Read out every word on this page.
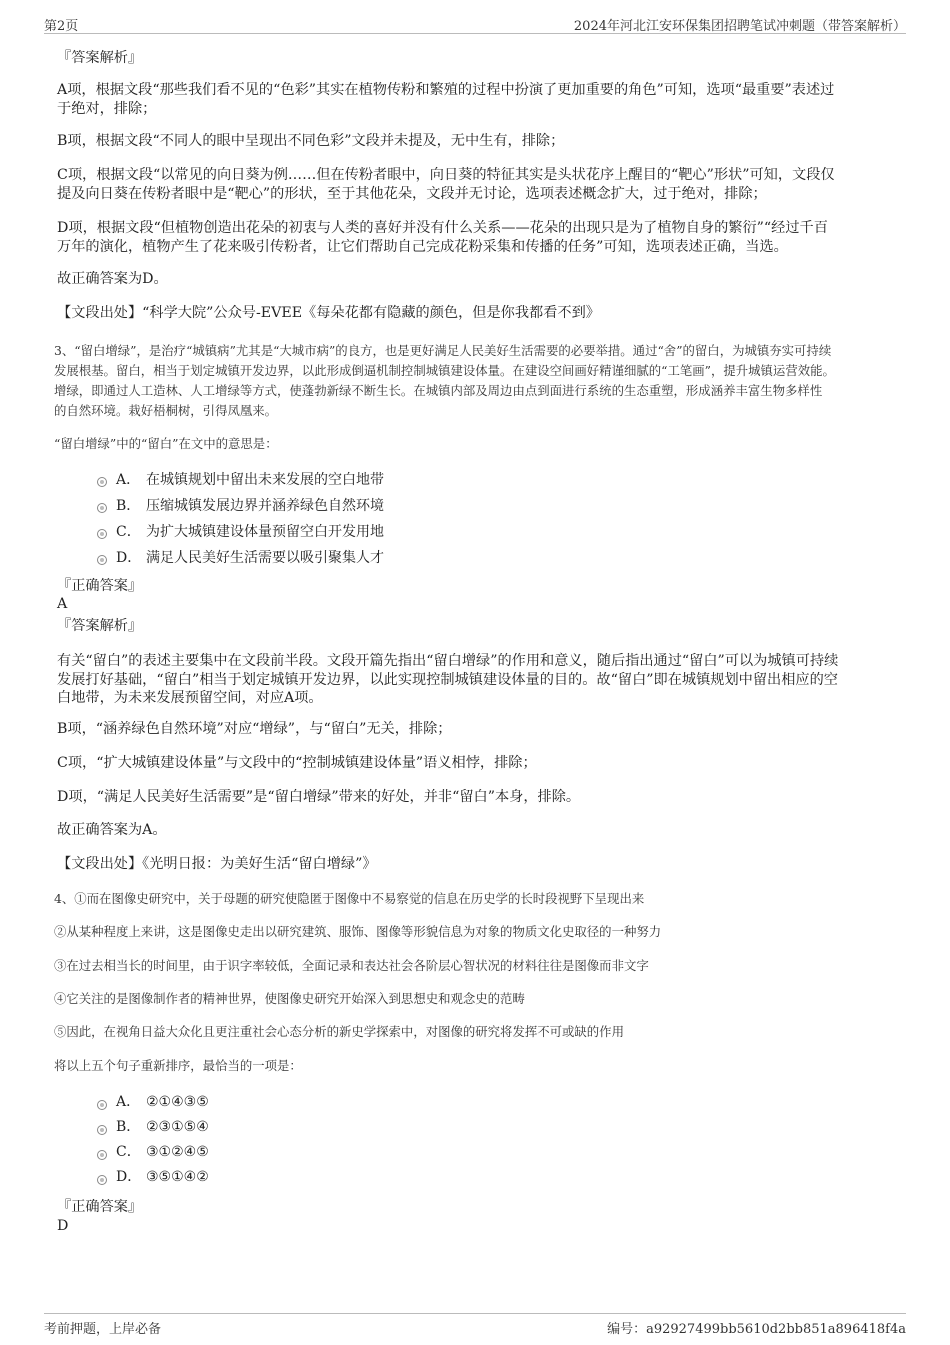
第2页	2024年河北江安环保集团招聘笔试冲刺题（带答案解析）
『答案解析』
A项，根据文段“那些我们看不见的“色彩”其实在植物传粉和繁殖的过程中扮演了更加重要的角色”可知，选项“最重要”表述过
于绝对，排除；
B项，根据文段“不同人的眼中呈现出不同色彩”文段并未提及，无中生有，排除；
C项，根据文段“以常见的向日葵为例……但在传粉者眼中，向日葵的特征其实是头状花序上醒目的“靶心”形状”可知，文段仅
提及向日葵在传粉者眼中是“靶心”的形状，至于其他花朵，文段并无讨论，选项表述概念扩大，过于绝对，排除；
D项，根据文段“但植物创造出花朵的初衷与人类的喜好并没有什么关系——花朵的出现只是为了植物自身的繁衍”“经过千百
万年的演化，植物产生了花来吸引传粉者，让它们帮助自己完成花粉采集和传播的任务”可知，选项表述正确，当选。
故正确答案为D。
【文段出处】“科学大院”公众号-EVEE《每朵花都有隐藏的颜色，但是你我都看不到》
3、“留白增绿”，是治疗“城镇病”尤其是“大城市病”的良方，也是更好满足人民美好生活需要的必要举措。通过“舍”的留白，为城镇夯实可持续
发展根基。留白，相当于划定城镇开发边界，以此形成倒逼机制控制城镇建设体量。在建设空间画好精谨细腻的“工笔画”，提升城镇运营效能。
增绿，即通过人工造林、人工增绿等方式，使蓬勃新绿不断生长。在城镇内部及周边由点到面进行系统的生态重塑，形成涵养丰富生物多样性
的自然环境。栽好梧桐树，引得凤凰来。
“留白增绿”中的“留白”在文中的意思是：
A． 在城镇规划中留出未来发展的空白地带
B． 压缩城镇发展边界并涵养绿色自然环境
C． 为扩大城镇建设体量预留空白开发用地
D． 满足人民美好生活需要以吸引聚集人才
『正确答案』
A
『答案解析』
有关“留白”的表述主要集中在文段前半段。文段开篇先指出“留白增绿”的作用和意义，随后指出通过“留白”可以为城镇可持续
发展打好基础，“留白”相当于划定城镇开发边界，以此实现控制城镇建设体量的目的。故“留白”即在城镇规划中留出相应的空
白地带，为未来发展预留空间，对应A项。
B项，“涵养绿色自然环境”对应“增绿”，与“留白”无关，排除；
C项，“扩大城镇建设体量”与文段中的“控制城镇建设体量”语义相悖，排除；
D项，“满足人民美好生活需要”是“留白增绿”带来的好处，并非“留白”本身，排除。
故正确答案为A。
【文段出处】《光明日报：为美好生活“留白增绿”》
4、①而在图像史研究中，关于母题的研究使隐匿于图像中不易察觉的信息在历史学的长时段视野下呈现出来
②从某种程度上来讲，这是图像史走出以研究建筑、服饰、图像等形貌信息为对象的物质文化史取径的一种努力
③在过去相当长的时间里，由于识字率较低，全面记录和表达社会各阶层心智状况的材料往往是图像而非文字
④它关注的是图像制作者的精神世界，使图像史研究开始深入到思想史和观念史的范畴
⑤因此，在视角日益大众化且更注重社会心态分析的新史学探索中，对图像的研究将发挥不可或缺的作用
将以上五个句子重新排序，最恰当的一项是：
A． ②①④③⑤
B． ②③①⑤④
C． ③①②④⑤
D． ③⑤①④②
『正确答案』
D
考前押题，上岸必备	编号：a92927499bb5610d2bb851a896418f4a
